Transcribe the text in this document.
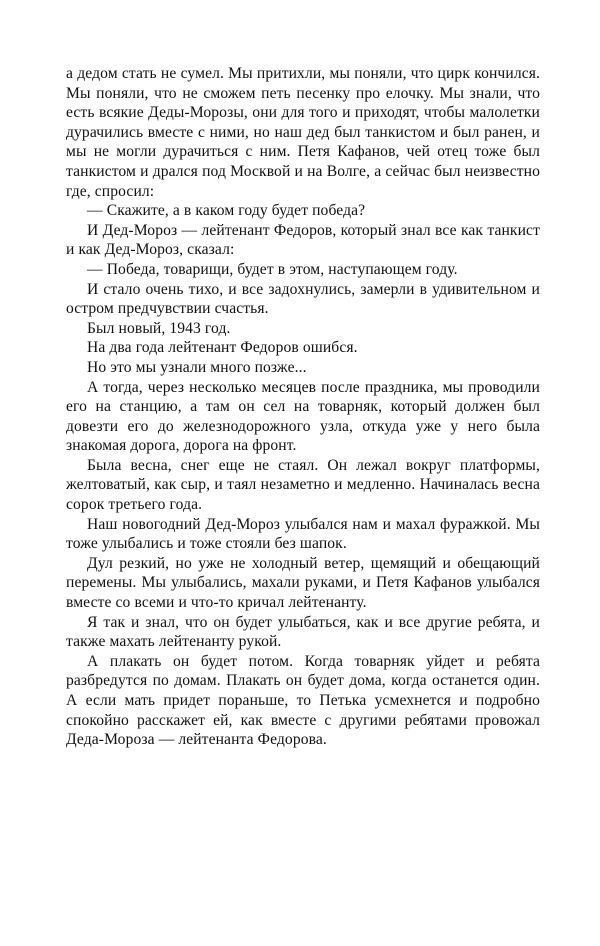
а дедом стать не сумел. Мы притихли, мы поняли, что цирк кончился. Мы поняли, что не сможем петь песенку про елочку. Мы знали, что есть всякие Деды-Морозы, они для того и приходят, чтобы малолетки дурачились вместе с ними, но наш дед был танкистом и был ранен, и мы не могли дурачиться с ним. Петя Кафанов, чей отец тоже был танкистом и дрался под Москвой и на Волге, а сейчас был неизвестно где, спросил:

— Скажите, а в каком году будет победа?

И Дед-Мороз — лейтенант Федоров, который знал все как танкист и как Дед-Мороз, сказал:

— Победа, товарищи, будет в этом, наступающем году.

И стало очень тихо, и все задохнулись, замерли в удивительном и остром предчувствии счастья.

Был новый, 1943 год.

На два года лейтенант Федоров ошибся.

Но это мы узнали много позже...

А тогда, через несколько месяцев после праздника, мы проводили его на станцию, а там он сел на товарняк, который должен был довезти его до железнодорожного узла, откуда уже у него была знакомая дорога, дорога на фронт.

Была весна, снег еще не стаял. Он лежал вокруг платформы, желтоватый, как сыр, и таял незаметно и медленно. Начиналась весна сорок третьего года.

Наш новогодний Дед-Мороз улыбался нам и махал фуражкой. Мы тоже улыбались и тоже стояли без шапок.

Дул резкий, но уже не холодный ветер, щемящий и обещающий перемены. Мы улыбались, махали руками, и Петя Кафанов улыбался вместе со всеми и что-то кричал лейтенанту.

Я так и знал, что он будет улыбаться, как и все другие ребята, и также махать лейтенанту рукой.

А плакать он будет потом. Когда товарняк уйдет и ребята разбредутся по домам. Плакать он будет дома, когда останется один. А если мать придет пораньше, то Петька усмехнется и подробно спокойно расскажет ей, как вместе с другими ребятами провожал Деда-Мороза — лейтенанта Федорова.
